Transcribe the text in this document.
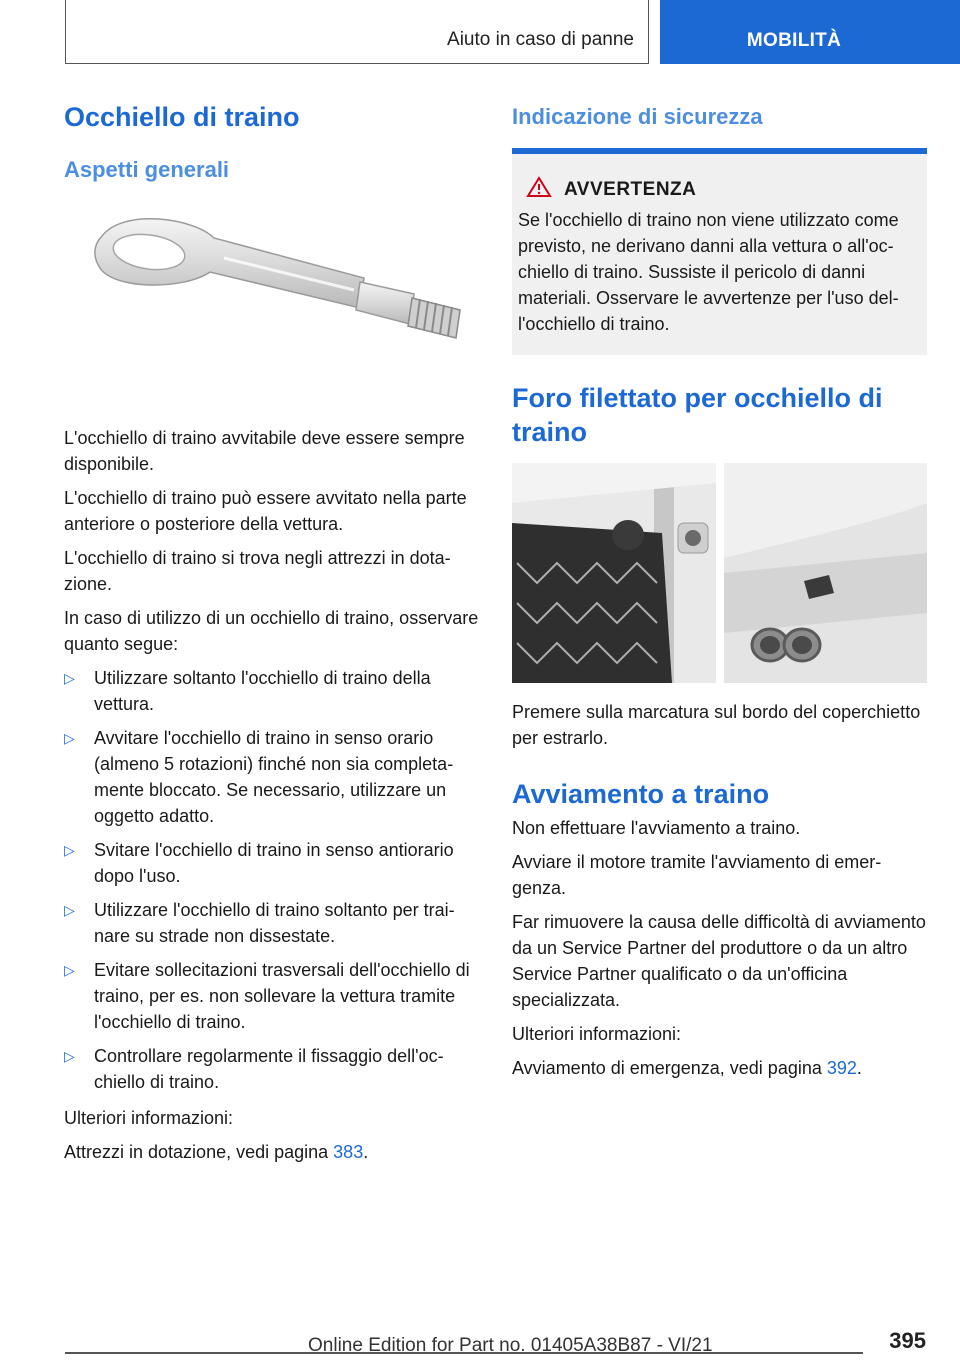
Aiuto in caso di panne	MOBILITÀ
Occhiello di traino
Aspetti generali

L'occhiello di traino avvitabile deve essere sempre disponibile.

L'occhiello di traino può essere avvitato nella parte anteriore o posteriore della vettura.

L'occhiello di traino si trova negli attrezzi in dotazione.

In caso di utilizzo di un occhiello di traino, osservare quanto segue:

▷ Utilizzare soltanto l'occhiello di traino della vettura.
▷ Avvitare l'occhiello di traino in senso orario (almeno 5 rotazioni) finché non sia completamente bloccato. Se necessario, utilizzare un oggetto adatto.
▷ Svitare l'occhiello di traino in senso antiorario dopo l'uso.
▷ Utilizzare l'occhiello di traino soltanto per trainare su strade non dissestate.
▷ Evitare sollecitazioni trasversali dell'occhiello di traino, per es. non sollevare la vettura tramite l'occhiello di traino.
▷ Controllare regolarmente il fissaggio dell'occhiello di traino.

Ulteriori informazioni:

Attrezzi in dotazione, vedi pagina 383.

Indicazione di sicurezza
AVVERTENZA

Se l'occhiello di traino non viene utilizzato come previsto, ne derivano danni alla vettura o all'occhiello di traino. Sussiste il pericolo di danni materiali. Osservare le avvertenze per l'uso dell'occhiello di traino.

Foro filettato per occhiello di traino

Premere sulla marcatura sul bordo del coperchietto per estrarlo.

Avviamento a traino

Non effettuare l'avviamento a traino.

Avviare il motore tramite l'avviamento di emergenza.

Far rimuovere la causa delle difficoltà di avviamento da un Service Partner del produttore o da un altro Service Partner qualificato o da un'officina specializzata.

Ulteriori informazioni:

Avviamento di emergenza, vedi pagina 392.

395
Online Edition for Part no. 01405A38B87 - VI/21
